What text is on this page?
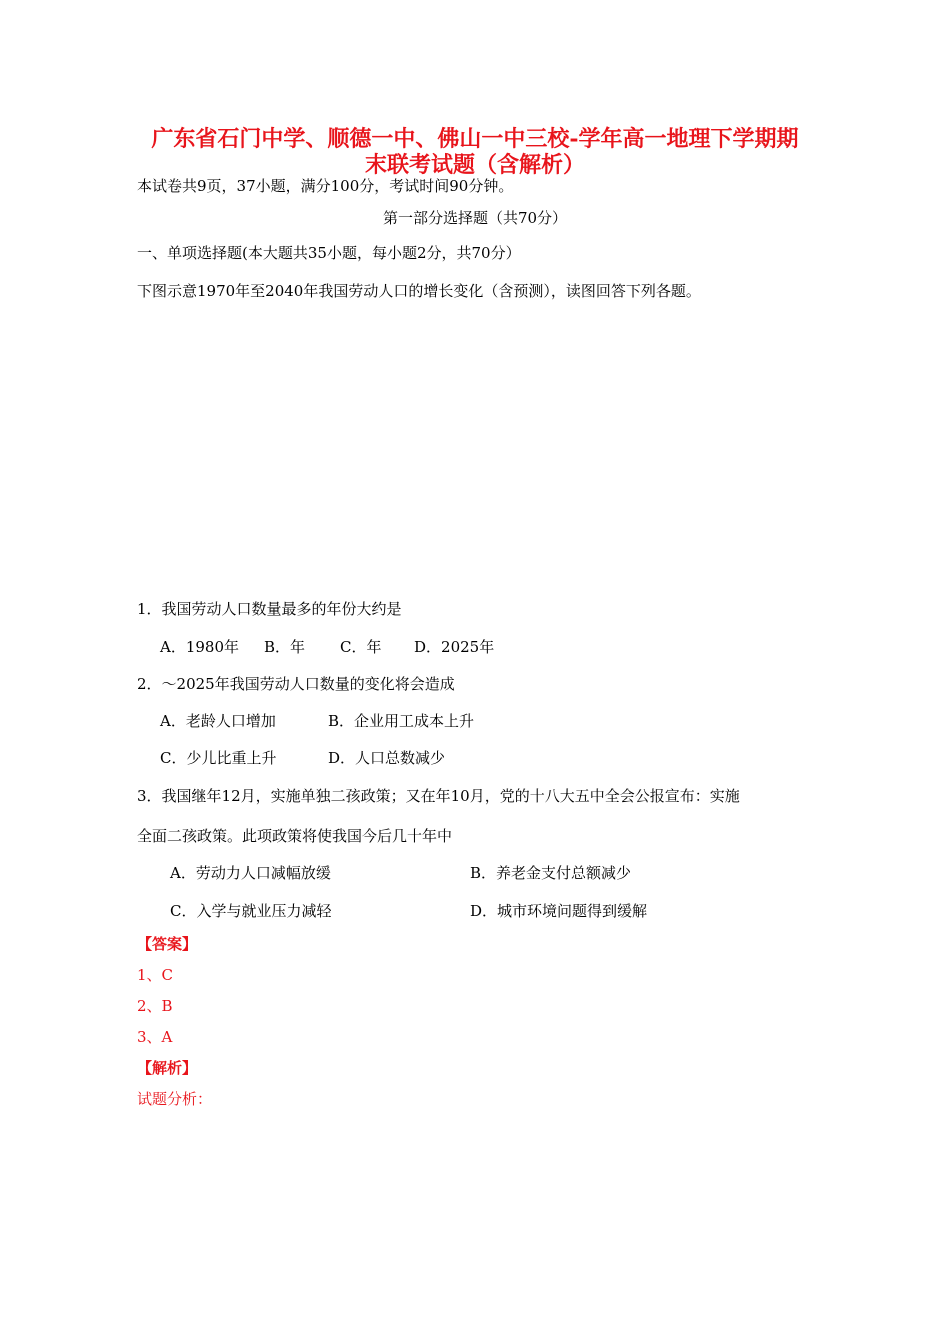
广东省石门中学、顺德一中、佛山一中三校-学年高一地理下学期期
末联考试题（含解析）
本试卷共9页，37小题，满分100分，考试时间90分钟。
第一部分选择题（共70分）
一、单项选择题(本大题共35小题，每小题2分，共70分）
下图示意1970年至2040年我国劳动人口的增长变化（含预测），读图回答下列各题。
1．我国劳动人口数量最多的年份大约是
A．1980年 B．年 C．年 D．2025年
2．～2025年我国劳动人口数量的变化将会造成
A．老龄人口增加	B．企业用工成本上升
C．少儿比重上升	D．人口总数减少
3．我国继年12月，实施单独二孩政策；又在年10月，党的十八大五中全会公报宣布：实施
全面二孩政策。此项政策将使我国今后几十年中
A．劳动力人口减幅放缓	B．养老金支付总额减少
C．入学与就业压力减轻	D．城市环境问题得到缓解
【答案】
1、C
2、B
3、A
【解析】
试题分析：
